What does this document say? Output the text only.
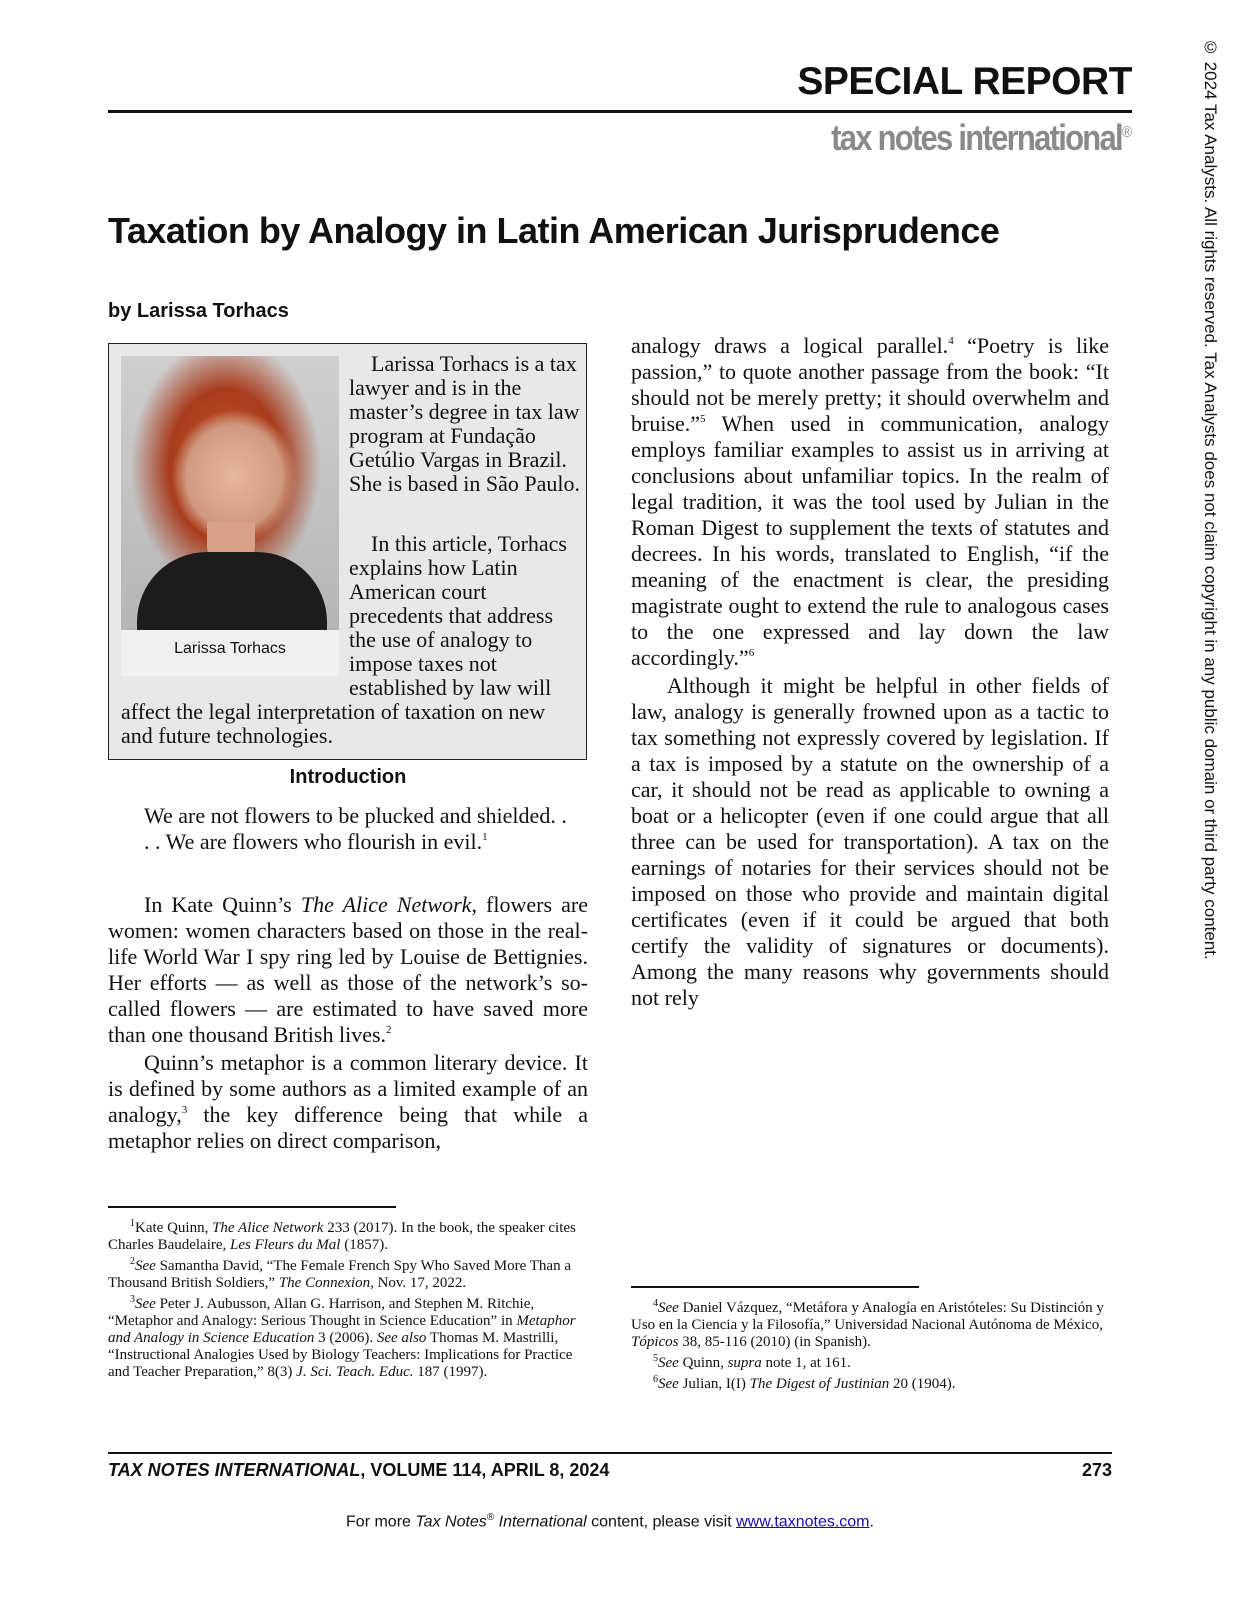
SPECIAL REPORT
tax notes international®
Taxation by Analogy in Latin American Jurisprudence
by Larissa Torhacs
Larissa Torhacs
Larissa Torhacs is a tax lawyer and is in the master’s degree in tax law program at Fundação Getúlio Vargas in Brazil. She is based in São Paulo.
In this article, Torhacs explains how Latin American court precedents that address the use of analogy to impose taxes not established by law will
affect the legal interpretation of taxation on new and future technologies.
Introduction
We are not flowers to be plucked and shielded. . . . We are flowers who flourish in evil.$^1$

In Kate Quinn’s The Alice Network, flowers are women: women characters based on those in the real-life World War I spy ring led by Louise de Bettignies. Her efforts — as well as those of the network’s so-called flowers — are estimated to have saved more than one thousand British lives.$^2$

Quinn’s metaphor is a common literary device. It is defined by some authors as a limited example of an analogy,$^3$ the key difference being that while a metaphor relies on direct comparison,

analogy draws a logical parallel.$^4$ “Poetry is like passion,” to quote another passage from the book: “It should not be merely pretty; it should overwhelm and bruise.”$^5$ When used in communication, analogy employs familiar examples to assist us in arriving at conclusions about unfamiliar topics. In the realm of legal tradition, it was the tool used by Julian in the Roman Digest to supplement the texts of statutes and decrees. In his words, translated to English, “if the meaning of the enactment is clear, the presiding magistrate ought to extend the rule to analogous cases to the one expressed and lay down the law accordingly.”$^6$

Although it might be helpful in other fields of law, analogy is generally frowned upon as a tactic to tax something not expressly covered by legislation. If a tax is imposed by a statute on the ownership of a car, it should not be read as applicable to owning a boat or a helicopter (even if one could argue that all three can be used for transportation). A tax on the earnings of notaries for their services should not be imposed on those who provide and maintain digital certificates (even if it could be argued that both certify the validity of signatures or documents). Among the many reasons why governments should not rely

$^1$Kate Quinn, The Alice Network 233 (2017). In the book, the speaker cites Charles Baudelaire, Les Fleurs du Mal (1857).

$^2$See Samantha David, “The Female French Spy Who Saved More Than a Thousand British Soldiers,” The Connexion, Nov. 17, 2022.

$^3$See Peter J. Aubusson, Allan G. Harrison, and Stephen M. Ritchie, “Metaphor and Analogy: Serious Thought in Science Education” in Metaphor and Analogy in Science Education 3 (2006). See also Thomas M. Mastrilli, “Instructional Analogies Used by Biology Teachers: Implications for Practice and Teacher Preparation,” 8(3) J. Sci. Teach. Educ. 187 (1997).

$^4$See Daniel Vázquez, “Metáfora y Analogía en Aristóteles: Su Distinción y Uso en la Ciencia y la Filosofía,” Universidad Nacional Autónoma de México, Tópicos 38, 85-116 (2010) (in Spanish).

$^5$See Quinn, supra note 1, at 161.

$^6$See Julian, I(I) The Digest of Justinian 20 (1904).

TAX NOTES INTERNATIONAL, VOLUME 114, APRIL 8, 2024	273
For more Tax Notes® International content, please visit www.taxnotes.com.
© 2024 Tax Analysts. All rights reserved. Tax Analysts does not claim copyright in any public domain or third party content.
